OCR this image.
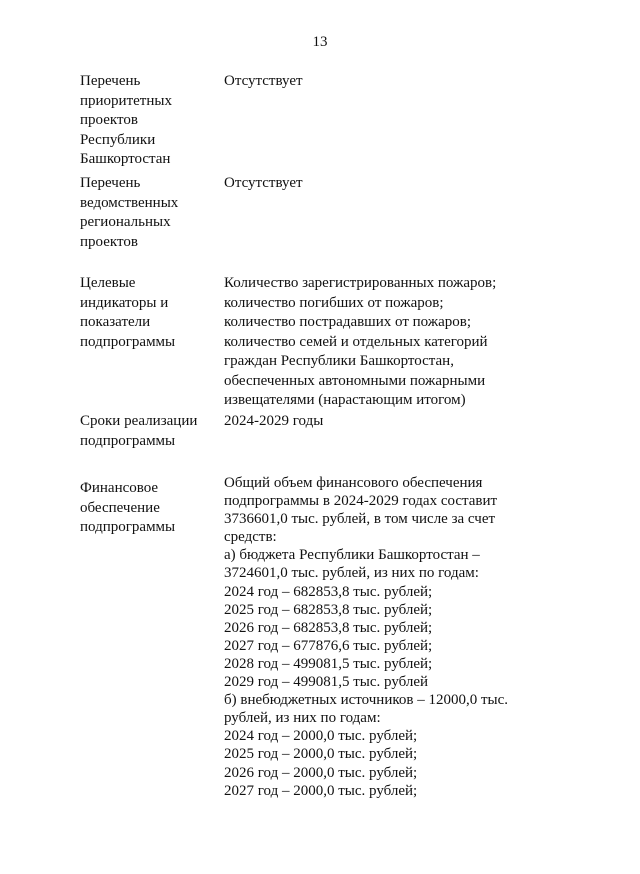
13
Перечень
приоритетных
проектов
Республики
Башкортостан
Отсутствует
Перечень
ведомственных
региональных
проектов
Отсутствует
Целевые
индикаторы и
показатели
подпрограммы
Количество зарегистрированных пожаров;
количество погибших от пожаров;
количество пострадавших от пожаров;
количество семей и отдельных категорий
граждан Республики Башкортостан,
обеспеченных автономными пожарными
извещателями (нарастающим итогом)
Сроки реализации
подпрограммы
2024-2029 годы
Финансовое
обеспечение
подпрограммы
Общий объем финансового обеспечения
подпрограммы в 2024-2029 годах составит
3736601,0 тыс. рублей, в том числе за счет
средств:
а) бюджета Республики Башкортостан –
3724601,0 тыс. рублей, из них по годам:
2024 год – 682853,8 тыс. рублей;
2025 год – 682853,8 тыс. рублей;
2026 год – 682853,8 тыс. рублей;
2027 год – 677876,6 тыс. рублей;
2028 год – 499081,5 тыс. рублей;
2029 год – 499081,5 тыс. рублей
б) внебюджетных источников – 12000,0 тыс.
рублей, из них по годам:
2024 год – 2000,0 тыс. рублей;
2025 год – 2000,0 тыс. рублей;
2026 год – 2000,0 тыс. рублей;
2027 год – 2000,0 тыс. рублей;
